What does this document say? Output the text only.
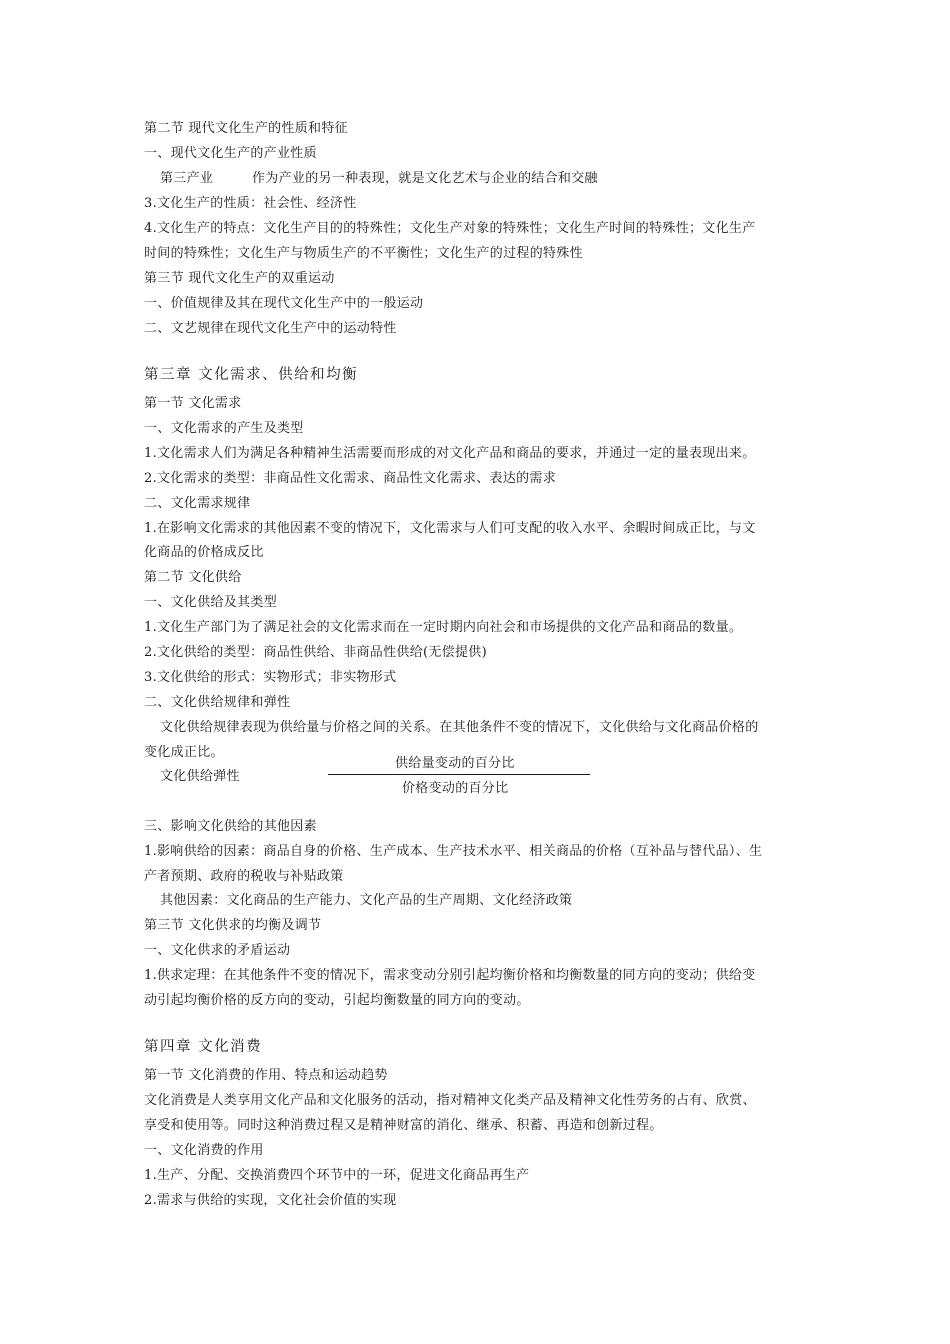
第二节 现代文化生产的性质和特征
一、现代文化生产的产业性质
第三产业	作为产业的另一种表现，就是文化艺术与企业的结合和交融
3.文化生产的性质：社会性、经济性
4.文化生产的特点：文化生产目的的特殊性；文化生产对象的特殊性；文化生产时间的特殊性；文化生产
时间的特殊性；文化生产与物质生产的不平衡性；文化生产的过程的特殊性
第三节 现代文化生产的双重运动
一、价值规律及其在现代文化生产中的一般运动
二、文艺规律在现代文化生产中的运动特性
第三章 文化需求、供给和均衡
第一节 文化需求
一、文化需求的产生及类型
1.文化需求人们为满足各种精神生活需要而形成的对文化产品和商品的要求，并通过一定的量表现出来。
2.文化需求的类型：非商品性文化需求、商品性文化需求、表达的需求
二、文化需求规律
1.在影响文化需求的其他因素不变的情况下，文化需求与人们可支配的收入水平、余暇时间成正比，与文
化商品的价格成反比
第二节 文化供给
一、文化供给及其类型
1.文化生产部门为了满足社会的文化需求而在一定时期内向社会和市场提供的文化产品和商品的数量。
2.文化供给的类型：商品性供给、非商品性供给(无偿提供)
3.文化供给的形式：实物形式；非实物形式
二、文化供给规律和弹性
文化供给规律表现为供给量与价格之间的关系。在其他条件不变的情况下，文化供给与文化商品价格的
变化成正比。
文化供给弹性
供给量变动的百分比
价格变动的百分比
三、影响文化供给的其他因素
1.影响供给的因素：商品自身的价格、生产成本、生产技术水平、相关商品的价格（互补品与替代品）、生
产者预期、政府的税收与补贴政策
其他因素：文化商品的生产能力、文化产品的生产周期、文化经济政策
第三节 文化供求的均衡及调节
一、文化供求的矛盾运动
1.供求定理：在其他条件不变的情况下，需求变动分别引起均衡价格和均衡数量的同方向的变动；供给变
动引起均衡价格的反方向的变动，引起均衡数量的同方向的变动。
第四章 文化消费
第一节 文化消费的作用、特点和运动趋势
文化消费是人类享用文化产品和文化服务的活动，指对精神文化类产品及精神文化性劳务的占有、欣赏、
享受和使用等。同时这种消费过程又是精神财富的消化、继承、积蓄、再造和创新过程。
一、文化消费的作用
1.生产、分配、交换消费四个环节中的一环，促进文化商品再生产
2.需求与供给的实现，文化社会价值的实现
